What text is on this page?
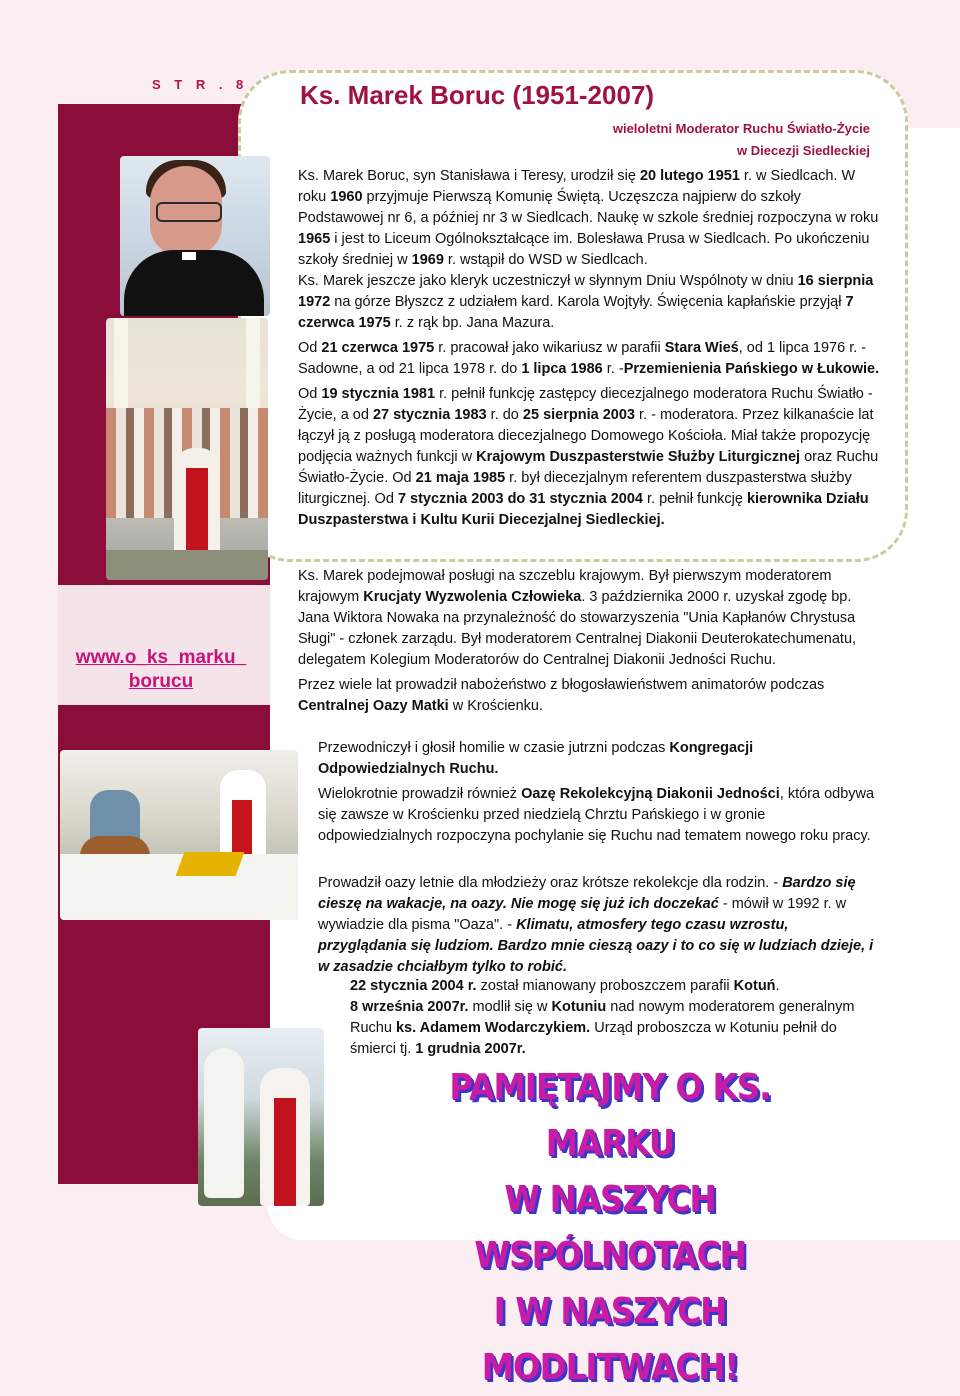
S T R . 8 Ks. Marek Boruc (1951-2007)
wieloletni Moderator Ruchu Światło-Życie
w Diecezji Siedleckiej
www.o_ks_marku_
borucu

Ks. Marek Boruc, syn Stanisława i Teresy, urodził się 20 lutego 1951 r. w Siedlcach. W roku 1960 przyjmuje Pierwszą Komunię Świętą. Uczęszcza najpierw do szkoły Podstawowej nr 6, a później nr 3 w Siedlcach. Naukę w szkole średniej rozpoczyna w roku 1965 i jest to Liceum Ogólnokształcące im. Bolesława Prusa w Siedlcach. Po ukończeniu szkoły średniej w 1969 r. wstąpił do WSD w Siedlcach.

Ks. Marek jeszcze jako kleryk uczestniczył w słynnym Dniu Wspólnoty w dniu 16 sierpnia 1972 na górze Błyszcz z udziałem kard. Karola Wojtyły. Święcenia kapłańskie przyjął 7 czerwca 1975 r. z rąk bp. Jana Mazura.

Od 21 czerwca 1975 r. pracował jako wikariusz w parafii Stara Wieś, od 1 lipca 1976 r. - Sadowne, a od 21 lipca 1978 r. do 1 lipca 1986 r. -Przemienienia Pańskiego w Łukowie.

Od 19 stycznia 1981 r. pełnił funkcję zastępcy diecezjalnego moderatora Ruchu Światło - Życie, a od 27 stycznia 1983 r. do 25 sierpnia 2003 r. - moderatora. Przez kilkanaście lat łączył ją z posługą moderatora diecezjalnego Domowego Kościoła. Miał także propozycję podjęcia ważnych funkcji w Krajowym Duszpasterstwie Służby Liturgicznej oraz Ruchu Światło-Życie. Od 21 maja 1985 r. był diecezjalnym referentem duszpasterstwa służby liturgicznej. Od 7 stycznia 2003 do 31 stycznia 2004 r. pełnił funkcję kierownika Działu Duszpasterstwa i Kultu Kurii Diecezjalnej Siedleckiej.

Ks. Marek podejmował posługi na szczeblu krajowym. Był pierwszym moderatorem krajowym Krucjaty Wyzwolenia Człowieka. 3 października 2000 r. uzyskał zgodę bp. Jana Wiktora Nowaka na przynależność do stowarzyszenia "Unia Kapłanów Chrystusa Sługi" - członek zarządu. Był moderatorem Centralnej Diakonii Deuterokatechumenatu, delegatem Kolegium Moderatorów do Centralnej Diakonii Jedności Ruchu.

Przez wiele lat prowadził nabożeństwo z błogosławieństwem animatorów podczas Centralnej Oazy Matki w Krościenku.

Przewodniczył i głosił homilie w czasie jutrzni podczas Kongregacji Odpowiedzialnych Ruchu.

Wielokrotnie prowadził również Oazę Rekolekcyjną Diakonii Jedności, która odbywa się zawsze w Krościenku przed niedzielą Chrztu Pańskiego i w gronie odpowiedzialnych rozpoczyna pochylanie się Ruchu nad tematem nowego roku pracy.

Prowadził oazy letnie dla młodzieży oraz krótsze rekolekcje dla rodzin. - Bardzo się cieszę na wakacje, na oazy. Nie mogę się już ich doczekać - mówił w 1992 r. w wywiadzie dla pisma "Oaza". - Klimatu, atmosfery tego czasu wzrostu, przyglądania się ludziom. Bardzo mnie cieszą oazy i to co się w ludziach dzieje, i w zasadzie chciałbym tylko to robić.

22 stycznia 2004 r. został mianowany proboszczem parafii Kotuń.

8 września 2007r. modlił się w Kotuniu nad nowym moderatorem generalnym Ruchu ks. Adamem Wodarczykiem. Urząd proboszcza w Kotuniu pełnił do śmierci tj. 1 grudnia 2007r.

PAMIĘTAJMY O KS. MARKU
W NASZYCH WSPÓLNOTACH
I W NASZYCH MODLITWACH!
